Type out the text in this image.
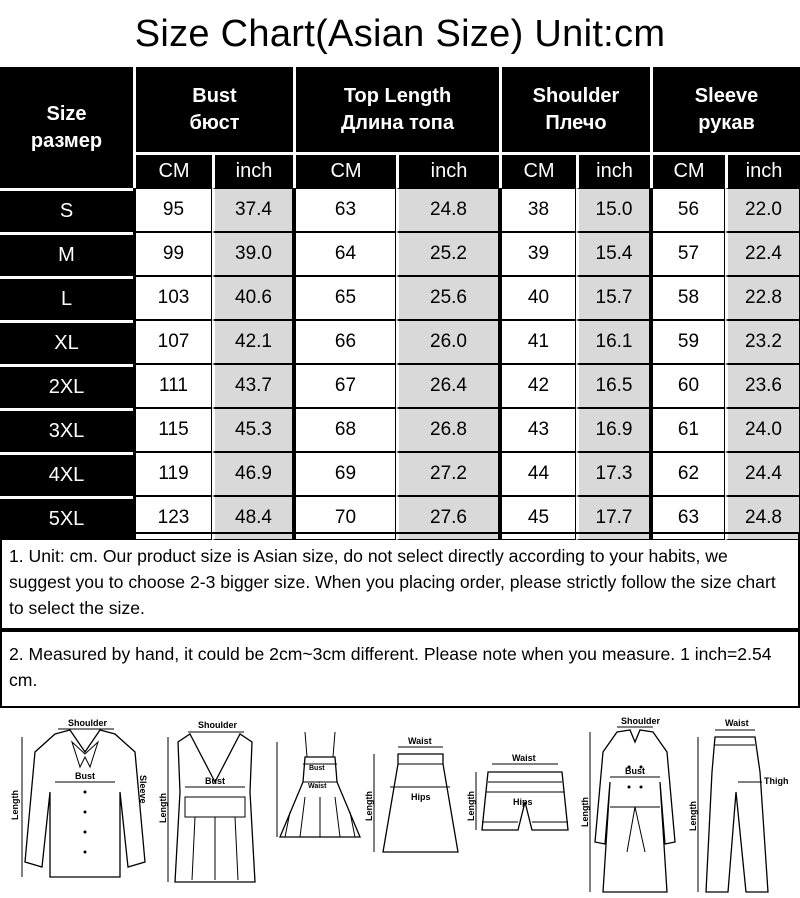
Size Chart(Asian Size) Unit:cm
Size
размер
Bust
бюст
Top Length
Длина топа
Shoulder
Плечо
Sleeve
рукав
CM	inch	CM	inch	CM	inch	CM	inch
S	95	37.4	63	24.8	38	15.0	56	22.0
M	99	39.0	64	25.2	39	15.4	57	22.4
L	103	40.6	65	25.6	40	15.7	58	22.8
XL	107	42.1	66	26.0	41	16.1	59	23.2
2XL	111	43.7	67	26.4	42	16.5	60	23.6
3XL	115	45.3	68	26.8	43	16.9	61	24.0
4XL	119	46.9	69	27.2	44	17.3	62	24.4
5XL	123	48.4	70	27.6	45	17.7	63	24.8
1. Unit: cm. Our product size is Asian size, do not select directly according to your habits, we suggest you to choose 2-3 bigger size. When you placing order, please strictly follow the size chart to select the size.
2. Measured by hand, it could be 2cm~3cm different. Please note when you measure. 1 inch=2.54 cm.
Shoulder
Bust
Length
Sleeve
Shoulder
Bust
Length
Bust
Waist
Waist
Hips
Length
Waist
Hips
Length
Shoulder
Bust
Length
Waist
Thigh
Length
